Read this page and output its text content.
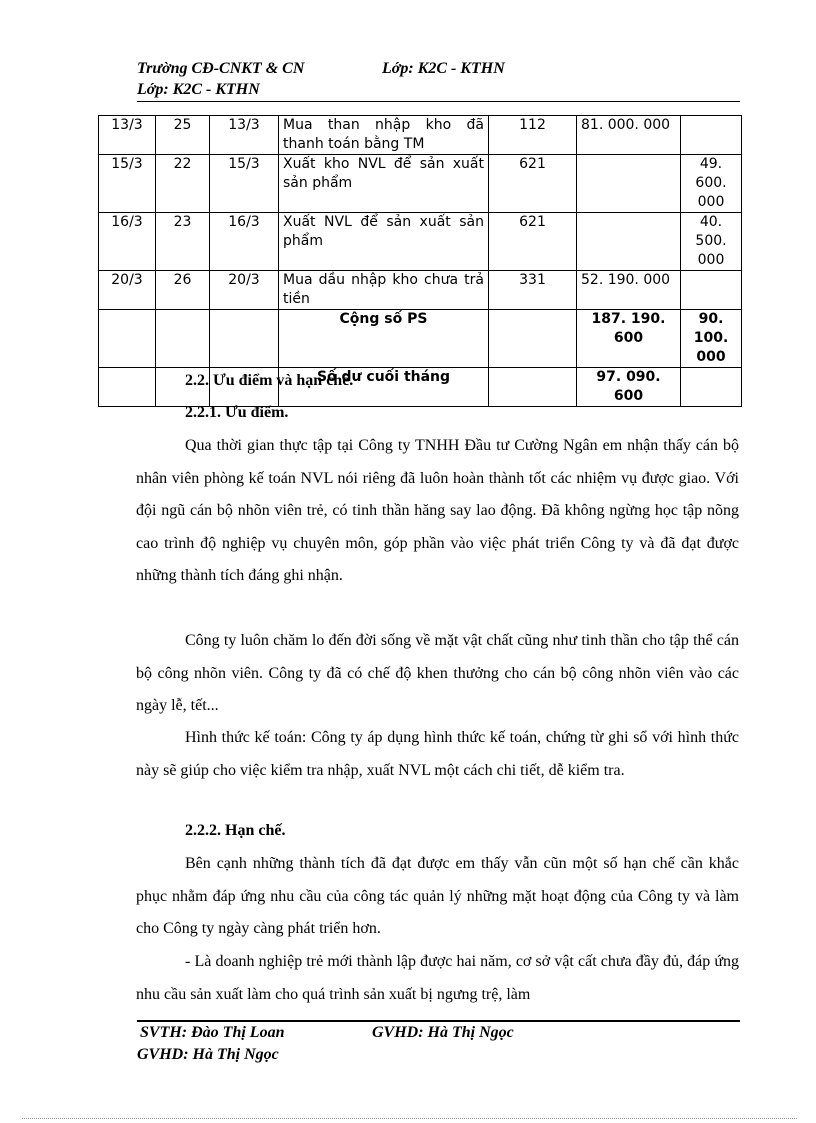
Trường CĐ-CNKT & CN	Lớp: K2C - KTHN
Lớp: K2C - KTHN
13/3	25	13/3	Mua than nhập kho đã
thanh toán bằng TM	112	81. 000. 000	
15/3	22	15/3	Xuất kho NVL để sản xuất
sản phẩm	621		49. 600. 000
16/3	23	16/3	Xuất NVL để sản xuất sản
phẩm	621		40. 500. 000
20/3	26	20/3	Mua dầu nhập kho chưa trả
tiền	331	52. 190. 000	
			Cộng số PS		187. 190. 600	90. 100. 000
			Số dư cuối tháng		97. 090. 600	
2.2. Ưu điểm và hạn chế.
2.2.1. Ưu điểm.

Qua thời gian thực tập tại Công ty TNHH Đầu tư Cường Ngân em nhận thấy cán bộ nhân viên phòng kế toán NVL nói riêng đã luôn hoàn thành tốt các nhiệm vụ được giao. Với đội ngũ cán bộ nhõn viên trẻ, có tinh thần hăng say lao động. Đã không ngừng học tập nõng cao trình độ nghiệp vụ chuyên môn, góp phần vào việc phát triển Công ty và đã đạt được những thành tích đáng ghi nhận.

Công ty luôn chăm lo đến đời sống về mặt vật chất cũng như tinh thần cho tập thể cán bộ công nhõn viên. Công ty đã có chế độ khen thưởng cho cán bộ công nhõn viên vào các ngày lễ, tết...

Hình thức kế toán: Công ty áp dụng hình thức kế toán, chứng từ ghi sổ với hình thức này sẽ giúp cho việc kiểm tra nhập, xuất NVL một cách chi tiết, dễ kiểm tra.

2.2.2. Hạn chế.

Bên cạnh những thành tích đã đạt được em thấy vẫn cũn một số hạn chế cần khắc phục nhằm đáp ứng nhu cầu của công tác quản lý những mặt hoạt động của Công ty và làm cho Công ty ngày càng phát triển hơn.

- Là doanh nghiệp trẻ mới thành lập được hai năm, cơ sở vật cất chưa đầy đủ, đáp ứng nhu cầu sản xuất làm cho quá trình sản xuất bị ngưng trệ, làm

SVTH: Đào Thị Loan	GVHD: Hà Thị Ngọc
GVHD: Hà Thị Ngọc
